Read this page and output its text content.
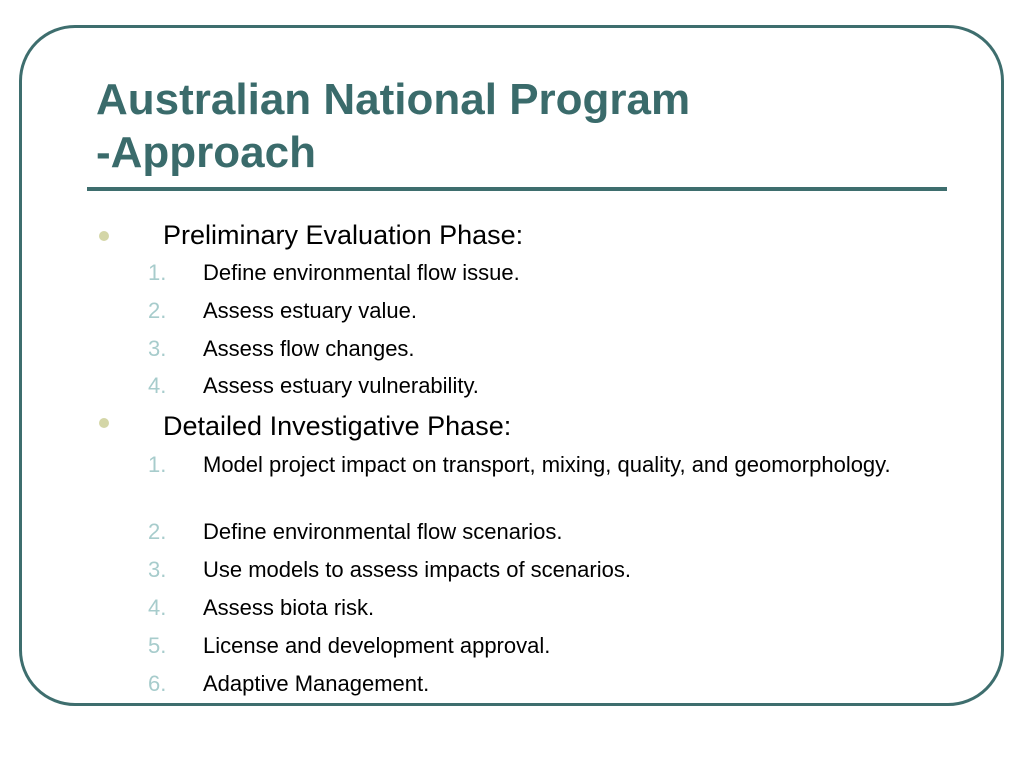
Australian National Program
-Approach

Preliminary Evaluation Phase:

1. Define environmental flow issue.
2. Assess estuary value.
3. Assess flow changes.
4. Assess estuary vulnerability.

Detailed Investigative Phase:

1. Model project impact on transport, mixing, quality, and geomorphology.
2. Define environmental flow scenarios.
3. Use models to assess impacts of scenarios.
4. Assess biota risk.
5. License and development approval.
6. Adaptive Management.
